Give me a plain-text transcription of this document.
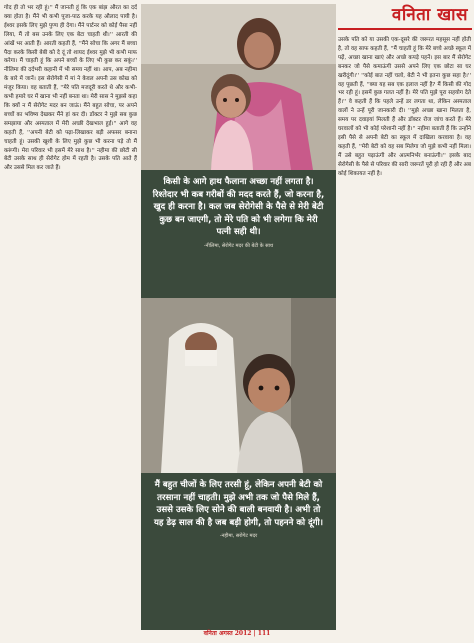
वनिता खास

गोद ही तो भर रही हूं।'' मैं जानती हूं कि एक बांझ औरत का दर्द क्या होता है। मैंने भी कभी पूजा-पाठ करके यह औलाद पायी है। ईश्वर इसके लिए मुझे पुण्य ही देगा। मैंने पार्टनर को कोई पैसा नहीं लिया, मैं तो बस उनके लिए एक बेटा चाहती थी।'' आरती की आंखें भर आती हैं। आरती कहती हैं, ''मैंने सोचा कि अगर मैं बच्चा पैदा करके किसी बेबी को दे दूं तो शायद ईश्वर मुझे भी कभी माफ करेगा। मैं चाहती हूं कि अपने बच्चों के लिए भी कुछ कर सकूं।'' नीलिमा की दर्दभरी कहानी में भी समय नहीं था। आप, अब नहीमा के बारे में जानें। इस सेरोगेसी में मां ने केवल अपनी उस कोख को मंजूर किया। वह बताती हैं, ''मेरे पति मजदूरी करते थे और कभी-कभी हमारे घर में खाना भी नहीं बनता था। मेरी सास ने मुझसे कहा कि क्यों न मैं सेरोगेट मदर बन जाऊं। मैंने बहुत सोचा, पर अपने बच्चों का भविष्य देखकर मैंने हां कर दी। डॉक्टर ने मुझे सब कुछ समझाया और अस्पताल में मेरी अच्छी देखभाल हुई।'' आगे वह कहती हैं, ''अपनी बेटी को पढ़ा-लिखाकर बड़ी अफसर बनाना चाहती हूं। उसकी खुशी के लिए मुझे कुछ भी करना पड़े तो मैं करूंगी। मेरा परिवार भी इसमें मेरे साथ है।'' नहीमा की छोटी सी बेटी उसके साथ ही सेरोगेट होम में रहती है। उसके पति आते हैं और उससे मिल कर जाते हैं।

किसी के आगे हाथ फैलाना अच्छा नहीं लगता है। रिश्तेदार भी कब गरीबों की मदद करते हैं, जो करना है, खुद ही करना है। कल जब सेरोगेसी के पैसे से मेरी बेटी कुछ बन जाएगी, तो मेरे पति को भी लगेगा कि मेरी पत्नी सही थी।
-नीलिमा, सेरोगेट मदर की बेटी के साथ
मैं बहुत चीजों के लिए तरसी हूं, लेकिन अपनी बेटी को तरसाना नहीं चाहती। मुझे अभी तक जो पैसे मिले हैं, उससे उसके लिए सोने की बाली बनवायी है। अभी तो यह डेढ़ साल की है जब बड़ी होगी, तो पहनने को दूंगी।
-नहीमा, सरोगेट मदर

उसके पति को या उसकी एक-दूसरे की जरूरत महसूस नहीं होती है, तो वह साफ कहती हैं, ''मैं चाहती हूं कि मेरे बच्चे अच्छे स्कूल में पढ़ें, अच्छा खाना खाएं और अच्छे कपड़े पहनें। इस बार मैं सेरोगेट बनकर जो पैसे कमाऊंगी उससे अपने लिए एक छोटा सा घर खरीदूंगी।'' ''कोई बात नहीं चलो, बेटी ने भी इतना कुछ सहा है।'' वह पूछती हैं, ''क्या यह सब एक इलाज नहीं है? मैं किसी की गोद भर रही हूं। इसमें कुछ गलत नहीं है। मेरे पति मुझे पूरा सहयोग देते हैं।'' वे कहती हैं कि पहले उन्हें डर लगता था, लेकिन अस्पताल वालों ने उन्हें पूरी जानकारी दी। ''मुझे अच्छा खाना मिलता है, समय पर दवाइयां मिलती हैं और डॉक्टर रोज जांच करते हैं। मेरे घरवालों को भी कोई परेशानी नहीं है।'' नहीमा बताती हैं कि उन्होंने इसी पैसे से अपनी बेटी का स्कूल में दाखिला करवाया है। वह कहती हैं, ''मेरी बेटी को वह सब मिलेगा जो मुझे कभी नहीं मिला। मैं उसे बहुत पढ़ाऊंगी और आत्मनिर्भर बनाऊंगी।'' इसके बाद सेरोगेसी के पैसे से परिवार की सारी जरूरतें पूरी हो रही हैं और अब कोई शिकायत नहीं है।

वनिता अगस्त 2012 | 111
